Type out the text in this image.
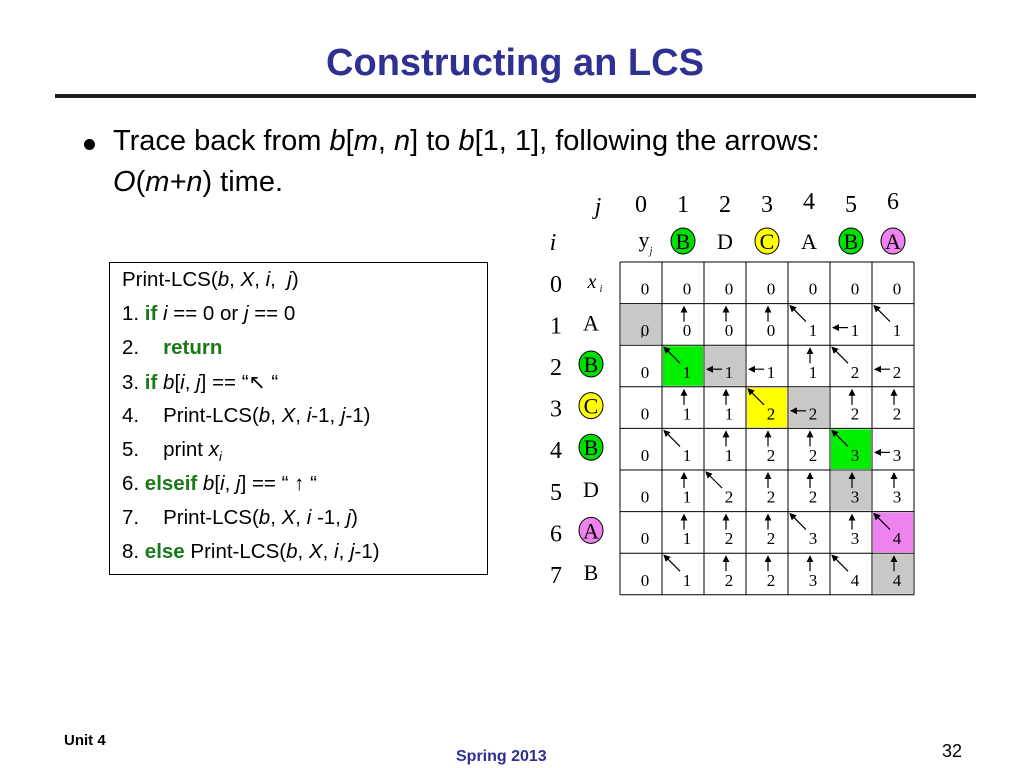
Constructing an LCS
Trace back from b[m, n] to b[1, 1], following the arrows:
O(m+n) time.
Print-LCS(b, X, i,  j)
1. if i == 0 or j == 0
2. return
3. if b[i, j] == “↖ “
4. Print-LCS(b, X, i-1, j-1)
5. print $x_i$
6. elseif b[i, j] == “ ↑ “
7. Print-LCS(b, X, i -1, j)
8. else Print-LCS(b, X, i, j-1)
j
i	y j
x i
0 1 2 3 4 5 6
0
1
2
3
4
5
6
7
B D C A B A
A
B
C
B
D
A
B
0 0 0 0 0 0 0
0 0 0 0 1 1 1
0 1 1 1 1 2 2
0 1 1 2 2 2 2
0 1 1 2 2 3 3
0 1 2 2 2 3 3
0 1 2 2 3 3 4
0 1 2 2 3 4 4
Unit 4
Spring 2013	32
